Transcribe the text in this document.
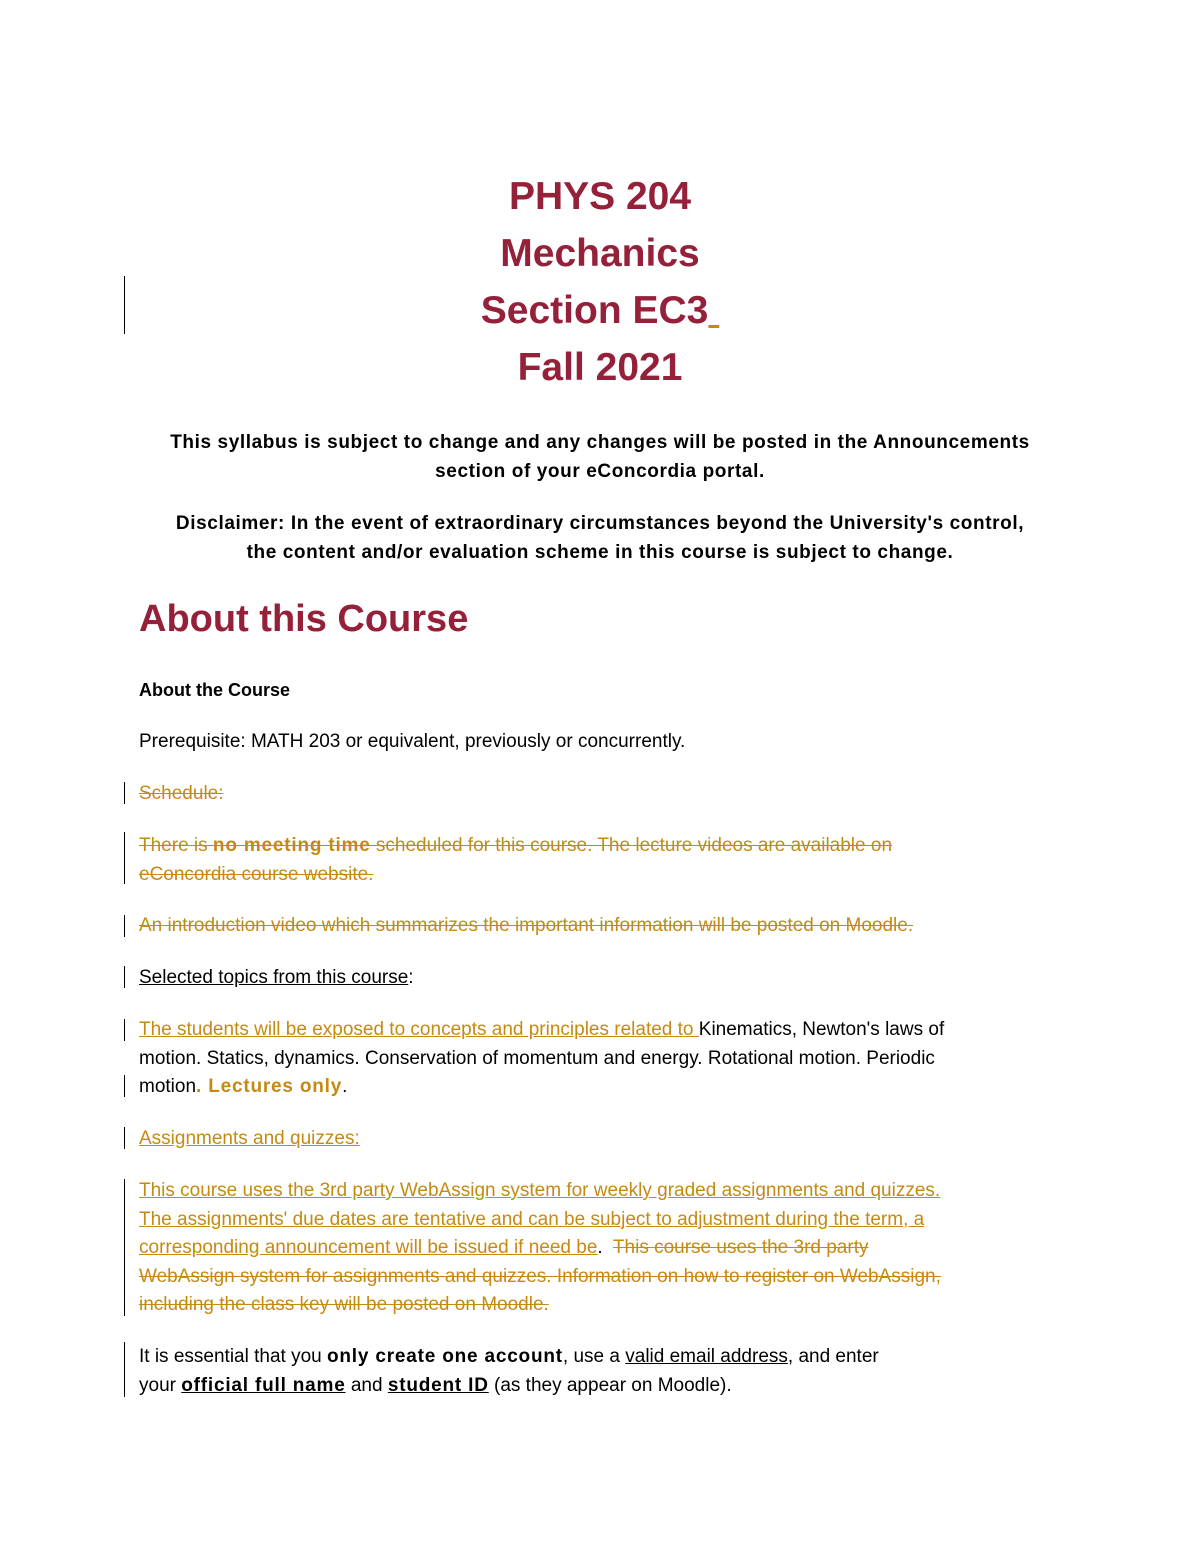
PHYS 204
Mechanics
Section EC3
Fall 2021
This syllabus is subject to change and any changes will be posted in the Announcements
section of your eConcordia portal.
Disclaimer: In the event of extraordinary circumstances beyond the University's control,
the content and/or evaluation scheme in this course is subject to change.
About this Course
About the Course
Prerequisite: MATH 203 or equivalent, previously or concurrently.
Schedule:
There is no meeting time scheduled for this course. The lecture videos are available on
eConcordia course website.
An introduction video which summarizes the important information will be posted on Moodle.
Selected topics from this course:
The students will be exposed to concepts and principles related to Kinematics, Newton's laws of
motion. Statics, dynamics. Conservation of momentum and energy. Rotational motion. Periodic
motion. Lectures only.
Assignments and quizzes:
This course uses the 3rd party WebAssign system for weekly graded assignments and quizzes.
The assignments' due dates are tentative and can be subject to adjustment during the term, a
corresponding announcement will be issued if need be. This course uses the 3rd party
WebAssign system for assignments and quizzes. Information on how to register on WebAssign,
including the class key will be posted on Moodle.
It is essential that you only create one account, use a valid email address, and enter
your official full name and student ID (as they appear on Moodle).
